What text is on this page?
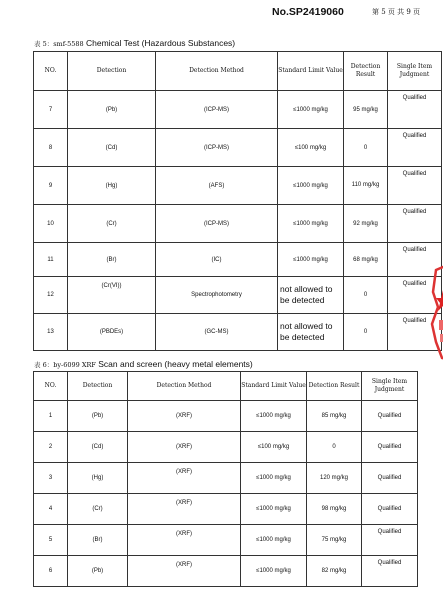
No.SP2419060	第 5 页 共 9 页
表 5：smf-5588 Chemical Test (Hazardous Substances)
NO.	Detection	Detection Method	Standard Limit Value	Detection Result	Single Item Judgment
7	(Pb)	(ICP-MS)	≤1000 mg/kg	95 mg/kg	Qualified
8	(Cd)	(ICP-MS)	≤100 mg/kg	0	Qualified
9	(Hg)	(AFS)	≤1000 mg/kg	110 mg/kg	Qualified
10	(Cr)	(ICP-MS)	≤1000 mg/kg	92 mg/kg	Qualified
11	(Br)	(IC)	≤1000 mg/kg	68 mg/kg	Qualified
12	(Cr(VI))	Spectrophotometry	not allowed to be detected	0	Qualified
13	(PBDEs)	(GC-MS)	not allowed to be detected	0	Qualified
表 6：by-6099 XRF Scan and screen (heavy metal elements)
NO.	Detection	Detection Method	Standard Limit Value	Detection Result	Single Item Judgment
1	(Pb)	(XRF)	≤1000 mg/kg	85 mg/kg	Qualified
2	(Cd)	(XRF)	≤100 mg/kg	0	Qualified
3	(Hg)	(XRF)	≤1000 mg/kg	120 mg/kg	Qualified
4	(Cr)	(XRF)	≤1000 mg/kg	98 mg/kg	Qualified
5	(Br)	(XRF)	≤1000 mg/kg	75 mg/kg	Qualified
6	(Pb)	(XRF)	≤1000 mg/kg	82 mg/kg	Qualified
